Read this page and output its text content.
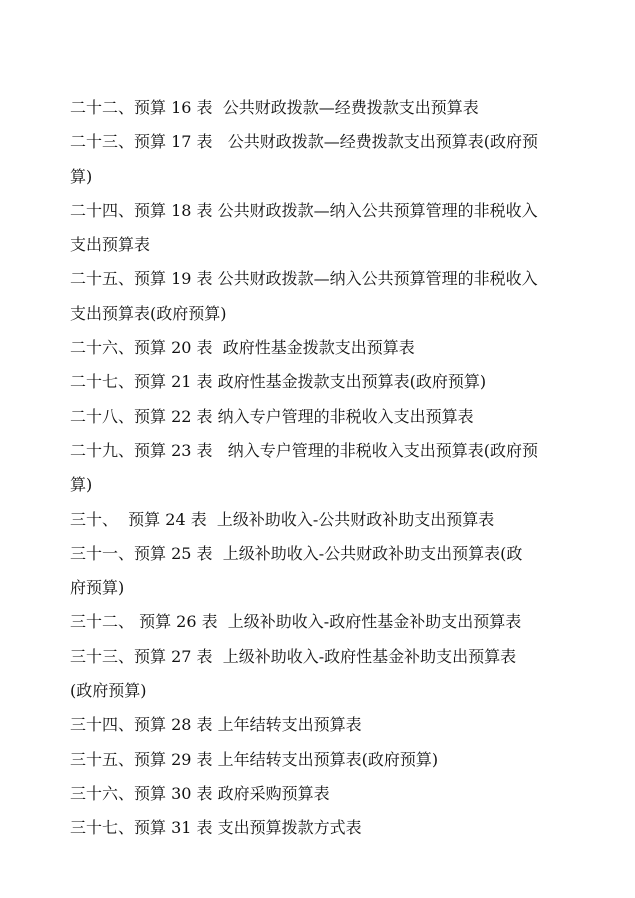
二十二、预算 16 表  公共财政拨款—经费拨款支出预算表
二十三、预算 17 表   公共财政拨款—经费拨款支出预算表(政府预
算)
二十四、预算 18 表 公共财政拨款—纳入公共预算管理的非税收入
支出预算表
二十五、预算 19 表 公共财政拨款—纳入公共预算管理的非税收入
支出预算表(政府预算)
二十六、预算 20 表  政府性基金拨款支出预算表
二十七、预算 21 表 政府性基金拨款支出预算表(政府预算)
二十八、预算 22 表 纳入专户管理的非税收入支出预算表
二十九、预算 23 表   纳入专户管理的非税收入支出预算表(政府预
算)
三十、  预算 24 表  上级补助收入-公共财政补助支出预算表
三十一、预算 25 表  上级补助收入-公共财政补助支出预算表(政
府预算)
三十二、 预算 26 表  上级补助收入-政府性基金补助支出预算表
三十三、预算 27 表  上级补助收入-政府性基金补助支出预算表
(政府预算)
三十四、预算 28 表 上年结转支出预算表
三十五、预算 29 表 上年结转支出预算表(政府预算)
三十六、预算 30 表 政府采购预算表
三十七、预算 31 表 支出预算拨款方式表
